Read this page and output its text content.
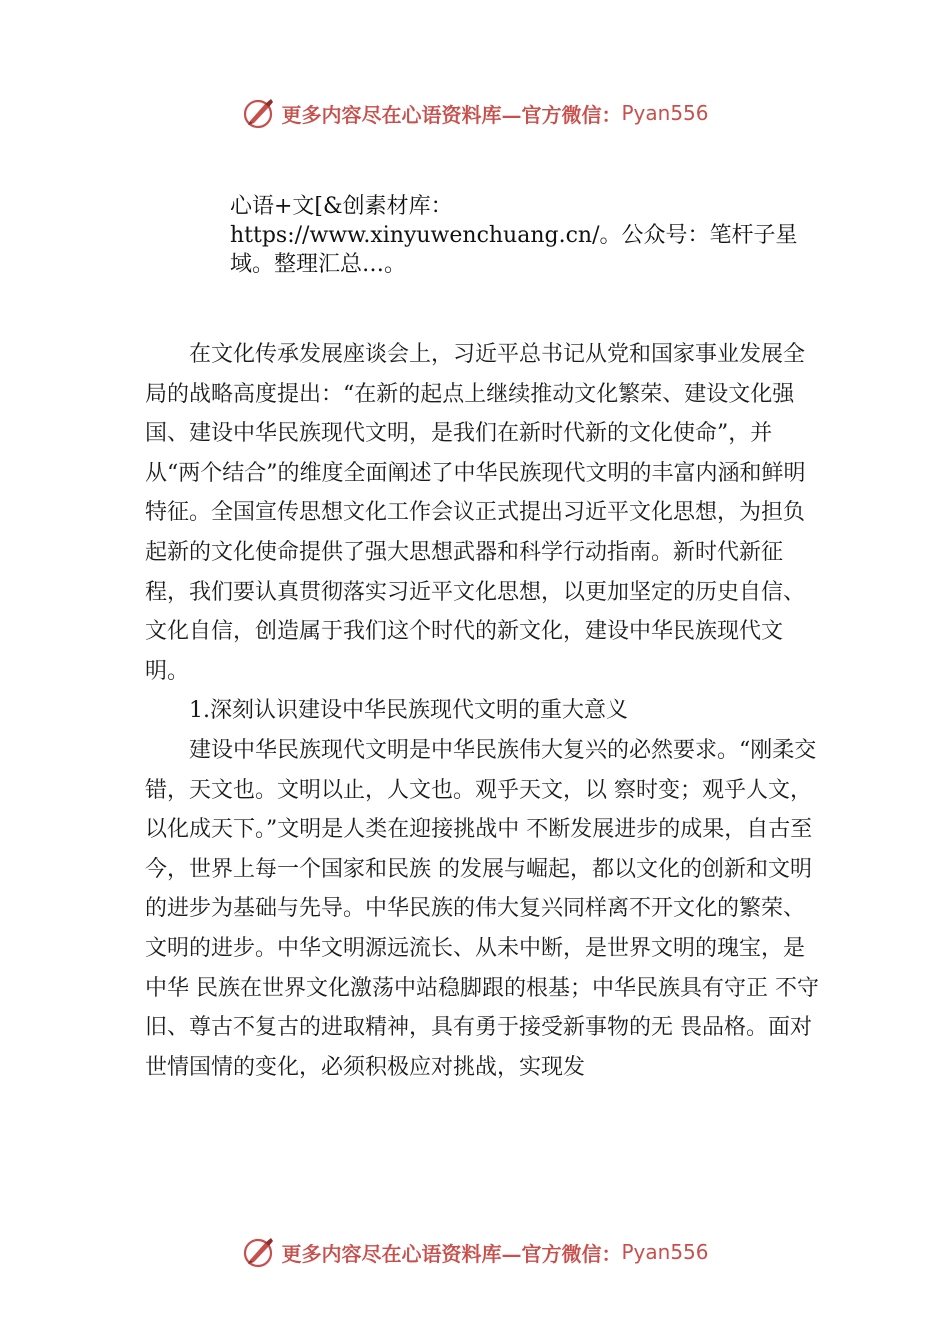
更多内容尽在心语资料库—官方微信： Pyan556
心语+文[&创素材库：https://www.xinyuwenchuang.cn/。公众号：笔杆子星域。整理汇总…。

在文化传承发展座谈会上，习近平总书记从党和国家事业发展全局的战略高度提出：“在新的起点上继续推动文化繁荣、建设文化强国、建设中华民族现代文明，是我们在新时代新的文化使命”，并从“两个结合”的维度全面阐述了中华民族现代文明的丰富内涵和鲜明特征。全国宣传思想文化工作会议正式提出习近平文化思想，为担负起新的文化使命提供了强大思想武器和科学行动指南。新时代新征程，我们要认真贯彻落实习近平文化思想，以更加坚定的历史自信、 文化自信，创造属于我们这个时代的新文化，建设中华民族现代文明。

1.深刻认识建设中华民族现代文明的重大意义

建设中华民族现代文明是中华民族伟大复兴的必然要求。“刚柔交错，天文也。文明以止，人文也。观乎天文，以 察时变；观乎人文，以化成天下。”文明是人类在迎接挑战中 不断发展进步的成果，自古至今，世界上每一个国家和民族 的发展与崛起，都以文化的创新和文明的进步为基础与先导。中华民族的伟大复兴同样离不开文化的繁荣、文明的进步。中华文明源远流长、从未中断，是世界文明的瑰宝，是中华 民族在世界文化激荡中站稳脚跟的根基；中华民族具有守正 不守旧、尊古不复古的进取精神，具有勇于接受新事物的无 畏品格。面对世情国情的变化，必须积极应对挑战，实现发

更多内容尽在心语资料库—官方微信： Pyan556
